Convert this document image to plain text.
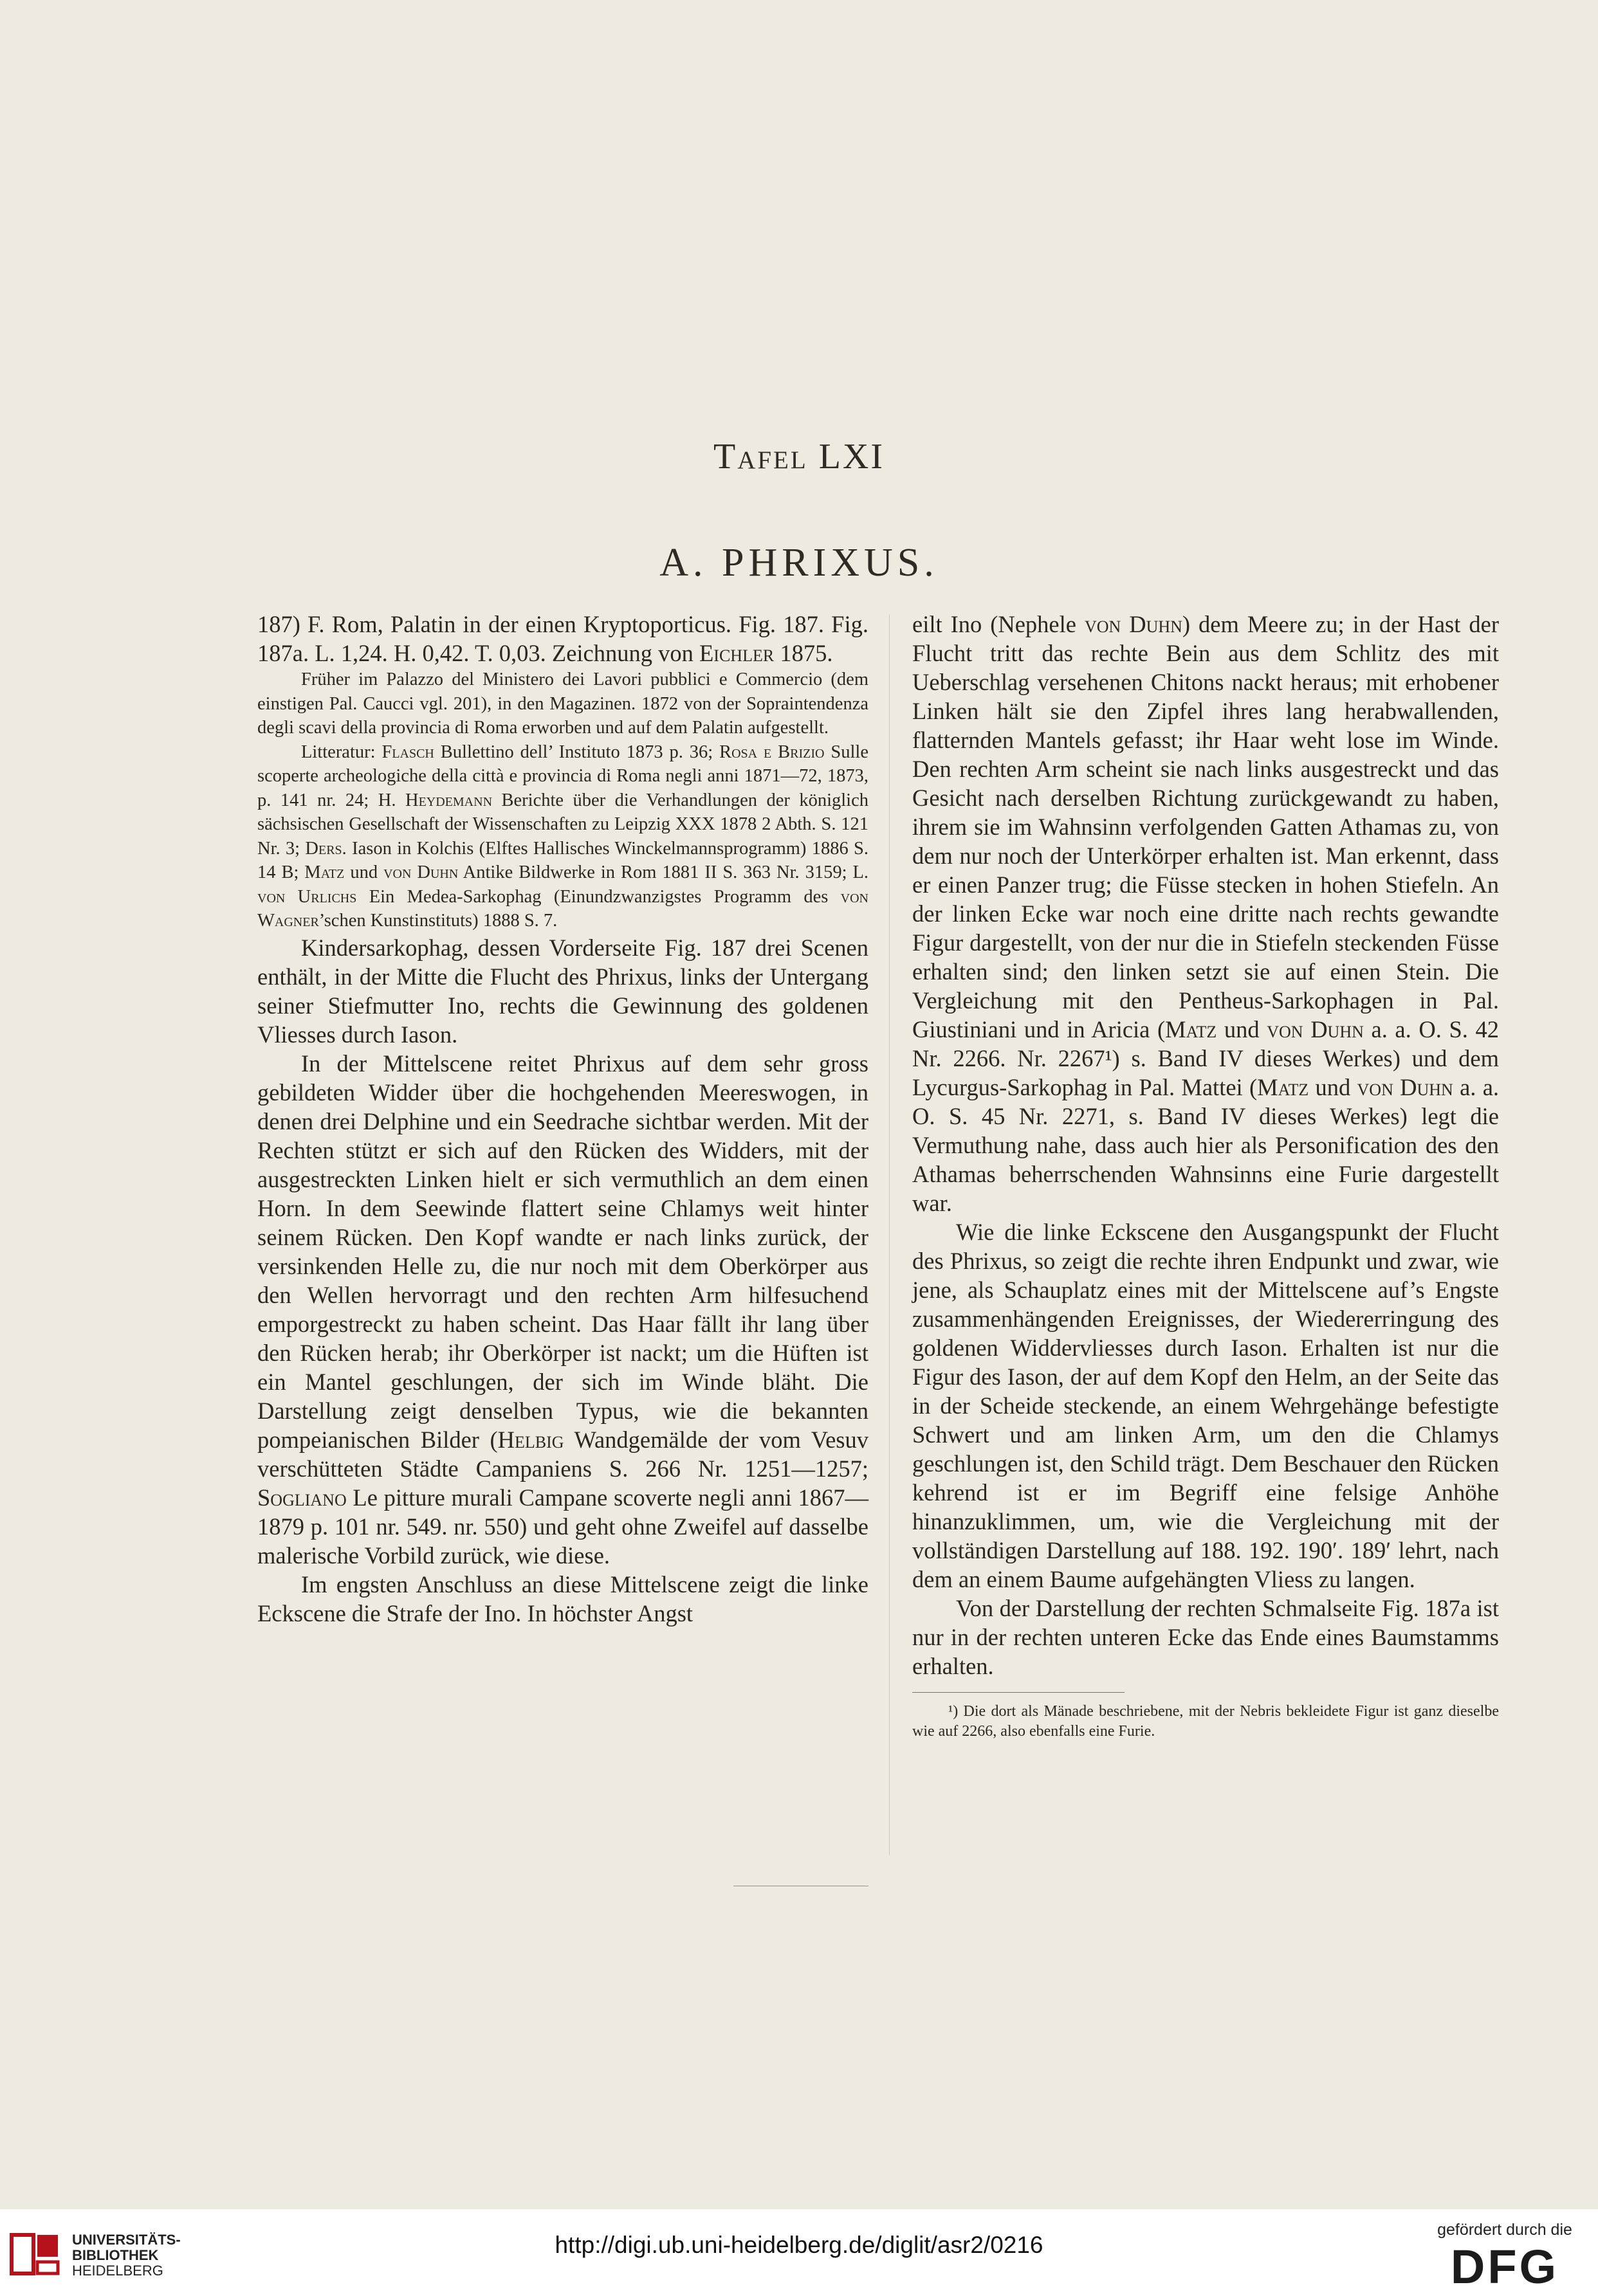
Tafel LXI
A. PHRIXUS.

187) F. Rom, Palatin in der einen Kryptoporticus. Fig. 187. Fig. 187a. L. 1,24. H. 0,42. T. 0,03. Zeichnung von Eichler 1875.

Früher im Palazzo del Ministero dei Lavori pubblici e Commercio (dem einstigen Pal. Caucci vgl. 201), in den Magazinen. 1872 von der Sopraintendenza degli scavi della provincia di Roma erworben und auf dem Palatin aufgestellt.

Litteratur: Flasch Bullettino dell’ Instituto 1873 p. 36; Rosa e Brizio Sulle scoperte archeologiche della città e provincia di Roma negli anni 1871—72, 1873, p. 141 nr. 24; H. Heydemann Berichte über die Verhandlungen der königlich sächsischen Gesellschaft der Wissenschaften zu Leipzig XXX 1878 2 Abth. S. 121 Nr. 3; Ders. Iason in Kolchis (Elftes Hallisches Winckelmannsprogramm) 1886 S. 14 B; Matz und von Duhn Antike Bildwerke in Rom 1881 II S. 363 Nr. 3159; L. von Urlichs Ein Medea-Sarkophag (Einundzwanzigstes Programm des von Wagner’schen Kunstinstituts) 1888 S. 7.

Kindersarkophag, dessen Vorderseite Fig. 187 drei Scenen enthält, in der Mitte die Flucht des Phrixus, links der Untergang seiner Stiefmutter Ino, rechts die Gewinnung des goldenen Vliesses durch Iason.

In der Mittelscene reitet Phrixus auf dem sehr gross gebildeten Widder über die hochgehenden Meereswogen, in denen drei Delphine und ein Seedrache sichtbar werden. Mit der Rechten stützt er sich auf den Rücken des Widders, mit der ausgestreckten Linken hielt er sich vermuthlich an dem einen Horn. In dem Seewinde flattert seine Chlamys weit hinter seinem Rücken. Den Kopf wandte er nach links zurück, der versinkenden Helle zu, die nur noch mit dem Oberkörper aus den Wellen hervorragt und den rechten Arm hilfesuchend emporgestreckt zu haben scheint. Das Haar fällt ihr lang über den Rücken herab; ihr Oberkörper ist nackt; um die Hüften ist ein Mantel geschlungen, der sich im Winde bläht. Die Darstellung zeigt denselben Typus, wie die bekannten pompeianischen Bilder (Helbig Wandgemälde der vom Vesuv verschütteten Städte Campaniens S. 266 Nr. 1251—1257; Sogliano Le pitture murali Campane scoverte negli anni 1867—1879 p. 101 nr. 549. nr. 550) und geht ohne Zweifel auf dasselbe malerische Vorbild zurück, wie diese.

Im engsten Anschluss an diese Mittelscene zeigt die linke Eckscene die Strafe der Ino. In höchster Angst

eilt Ino (Nephele von Duhn) dem Meere zu; in der Hast der Flucht tritt das rechte Bein aus dem Schlitz des mit Ueberschlag versehenen Chitons nackt heraus; mit erhobener Linken hält sie den Zipfel ihres lang herabwallenden, flatternden Mantels gefasst; ihr Haar weht lose im Winde. Den rechten Arm scheint sie nach links ausgestreckt und das Gesicht nach derselben Richtung zurückgewandt zu haben, ihrem sie im Wahnsinn verfolgenden Gatten Athamas zu, von dem nur noch der Unterkörper erhalten ist. Man erkennt, dass er einen Panzer trug; die Füsse stecken in hohen Stiefeln. An der linken Ecke war noch eine dritte nach rechts gewandte Figur dargestellt, von der nur die in Stiefeln steckenden Füsse erhalten sind; den linken setzt sie auf einen Stein. Die Vergleichung mit den Pentheus-Sarkophagen in Pal. Giustiniani und in Aricia (Matz und von Duhn a. a. O. S. 42 Nr. 2266. Nr. 2267¹) s. Band IV dieses Werkes) und dem Lycurgus-Sarkophag in Pal. Mattei (Matz und von Duhn a. a. O. S. 45 Nr. 2271, s. Band IV dieses Werkes) legt die Vermuthung nahe, dass auch hier als Personification des den Athamas beherrschenden Wahnsinns eine Furie dargestellt war.

Wie die linke Eckscene den Ausgangspunkt der Flucht des Phrixus, so zeigt die rechte ihren Endpunkt und zwar, wie jene, als Schauplatz eines mit der Mittelscene auf’s Engste zusammenhängenden Ereignisses, der Wiedererringung des goldenen Widdervliesses durch Iason. Erhalten ist nur die Figur des Iason, der auf dem Kopf den Helm, an der Seite das in der Scheide steckende, an einem Wehrgehänge befestigte Schwert und am linken Arm, um den die Chlamys geschlungen ist, den Schild trägt. Dem Beschauer den Rücken kehrend ist er im Begriff eine felsige Anhöhe hinanzuklimmen, um, wie die Vergleichung mit der vollständigen Darstellung auf 188. 192. 190′. 189′ lehrt, nach dem an einem Baume aufgehängten Vliess zu langen.

Von der Darstellung der rechten Schmalseite Fig. 187a ist nur in der rechten unteren Ecke das Ende eines Baumstamms erhalten.

¹) Die dort als Mänade beschriebene, mit der Nebris bekleidete Figur ist ganz dieselbe wie auf 2266, also ebenfalls eine Furie.

UNIVERSITÄTS-
BIBLIOTHEK
HEIDELBERG
http://digi.ub.uni-heidelberg.de/diglit/asr2/0216
gefördert durch die
DFG
